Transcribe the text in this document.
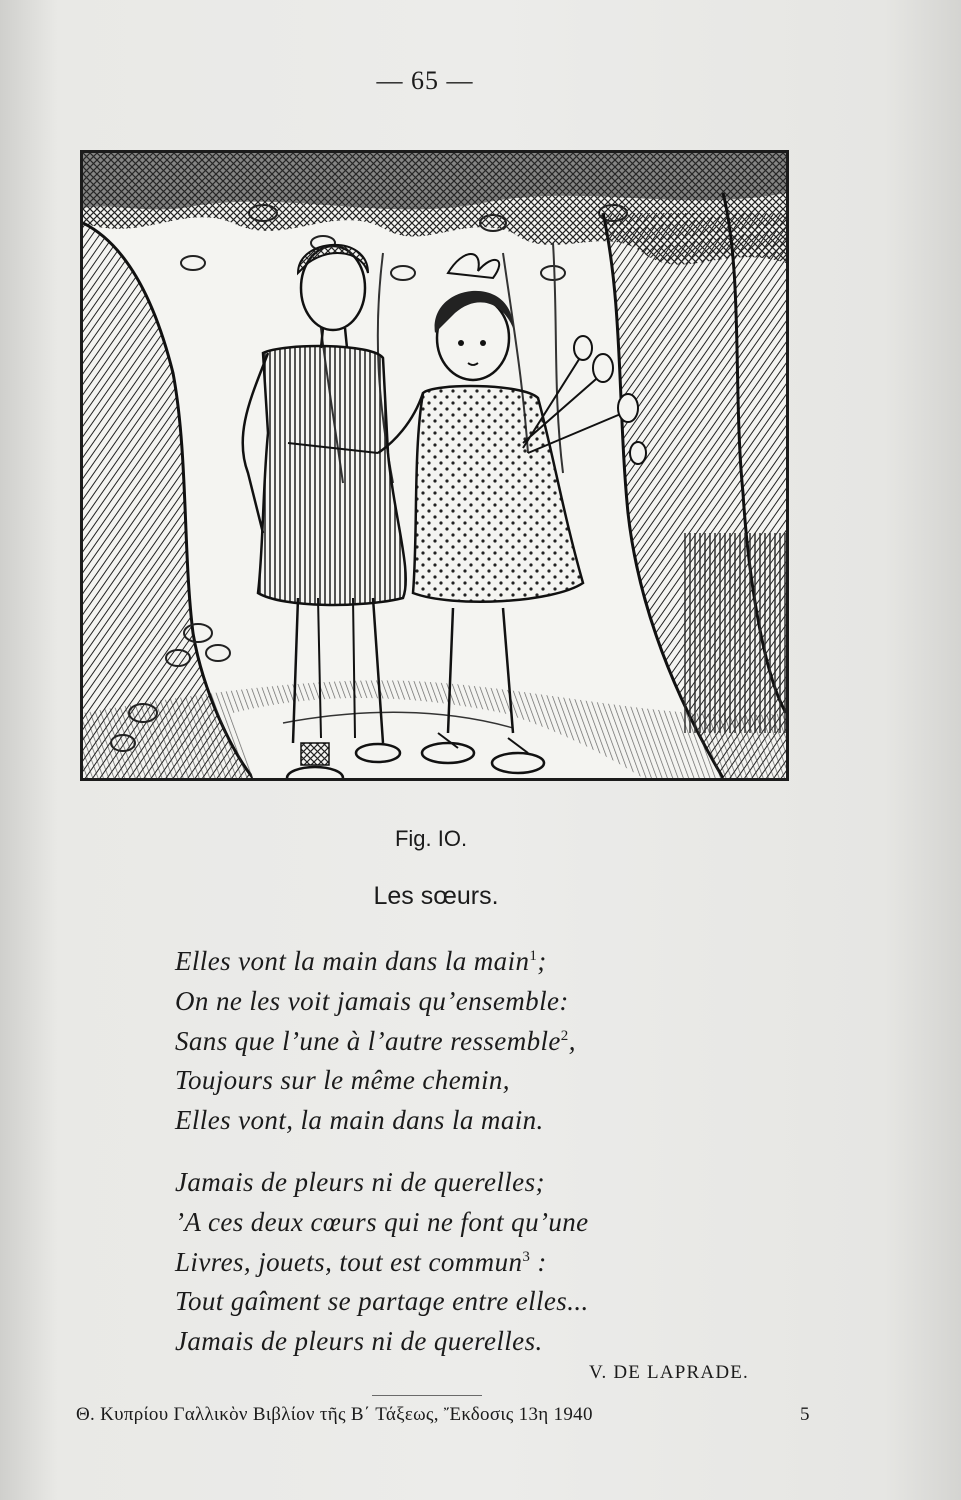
— 65 —
Fig. IO.
Les sœurs.
Elles vont la main dans la main$^1$;
On ne les voit jamais qu’ensemble:
Sans que l’une à l’autre ressemble$^2$,
Toujours sur le même chemin,
Elles vont, la main dans la main.
Jamais de pleurs ni de querelles;
’A ces deux cœurs qui ne font qu’une
Livres, jouets, tout est commun$^3$ :
Tout gaîment se partage entre elles...
Jamais de pleurs ni de querelles.
V. DE LAPRADE.
Θ. Κυπρίου Γαλλικὸν Βιβλίον τῆς Β΄ Τάξεως, Ἔκδοσις 13η 1940	5
